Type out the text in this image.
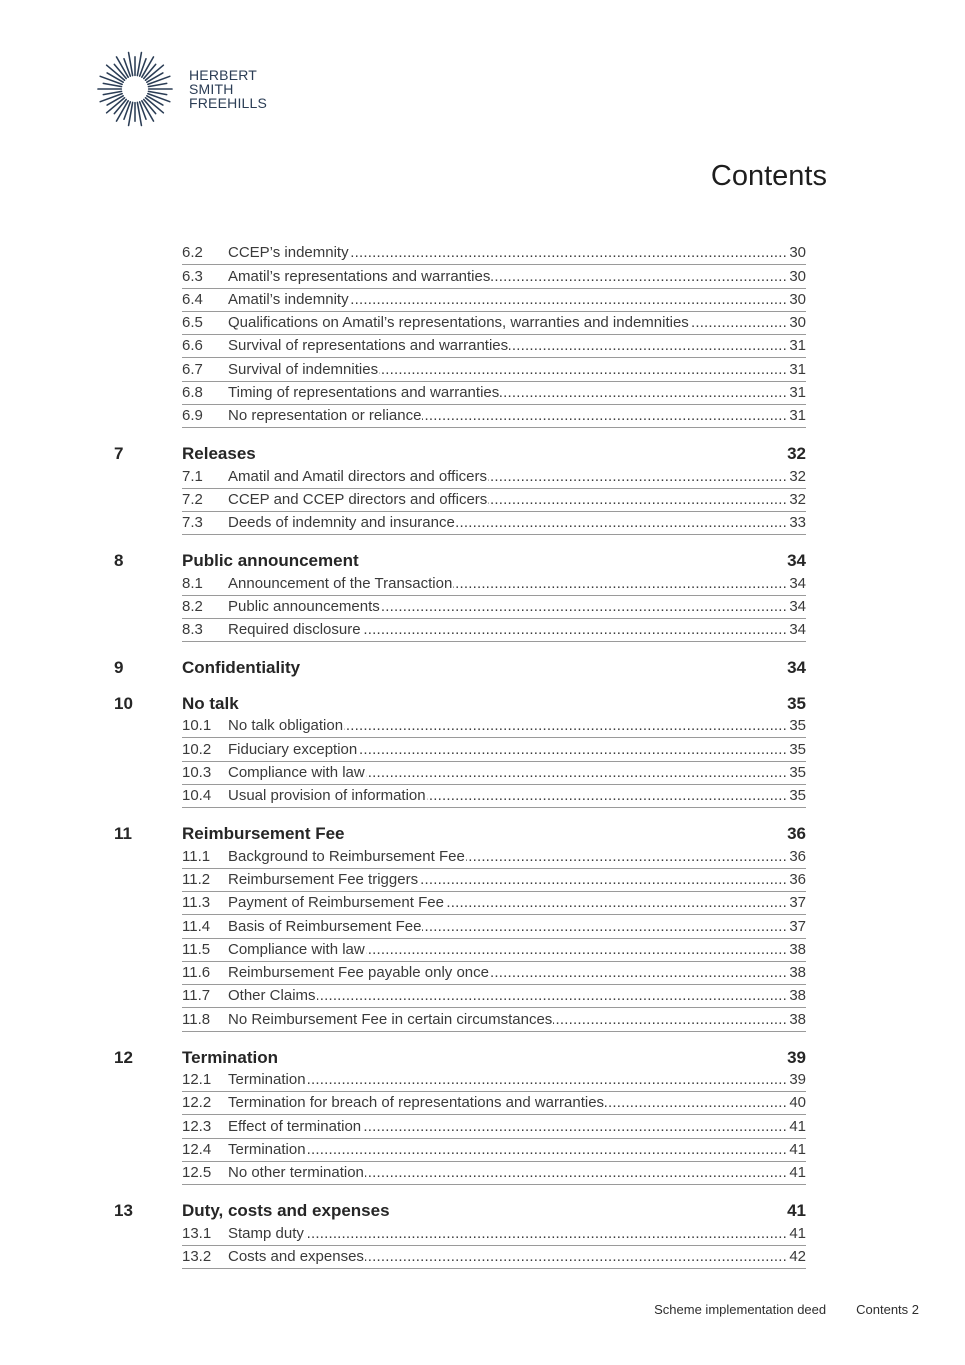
HERBERT
SMITH
FREEHILLS
Contents
6.2	CCEP’s indemnity .....	30
6.3	Amatil’s representations and warranties .....	30
6.4	Amatil’s indemnity .....	30
6.5	Qualifications on Amatil’s representations, warranties and indemnities .....	30
6.6	Survival of representations and warranties .....	31
6.7	Survival of indemnities .....	31
6.8	Timing of representations and warranties .....	31
6.9	No representation or reliance .....	31
7	Releases	32
7.1	Amatil and Amatil directors and officers .....	32
7.2	CCEP and CCEP directors and officers .....	32
7.3	Deeds of indemnity and insurance .....	33
8	Public announcement	34
8.1	Announcement of the Transaction .....	34
8.2	Public announcements .....	34
8.3	Required disclosure .....	34
9	Confidentiality	34
10	No talk	35
10.1	No talk obligation .....	35
10.2	Fiduciary exception .....	35
10.3	Compliance with law .....	35
10.4	Usual provision of information .....	35
11	Reimbursement Fee	36
11.1	Background to Reimbursement Fee .....	36
11.2	Reimbursement Fee triggers .....	36
11.3	Payment of Reimbursement Fee .....	37
11.4	Basis of Reimbursement Fee .....	37
11.5	Compliance with law .....	38
11.6	Reimbursement Fee payable only once .....	38
11.7	Other Claims .....	38
11.8	No Reimbursement Fee in certain circumstances .....	38
12	Termination	39
12.1	Termination .....	39
12.2	Termination for breach of representations and warranties .....	40
12.3	Effect of termination .....	41
12.4	Termination .....	41
12.5	No other termination .....	41
13	Duty, costs and expenses	41
13.1	Stamp duty .....	41
13.2	Costs and expenses .....	42
Scheme implementation deed Contents 2
